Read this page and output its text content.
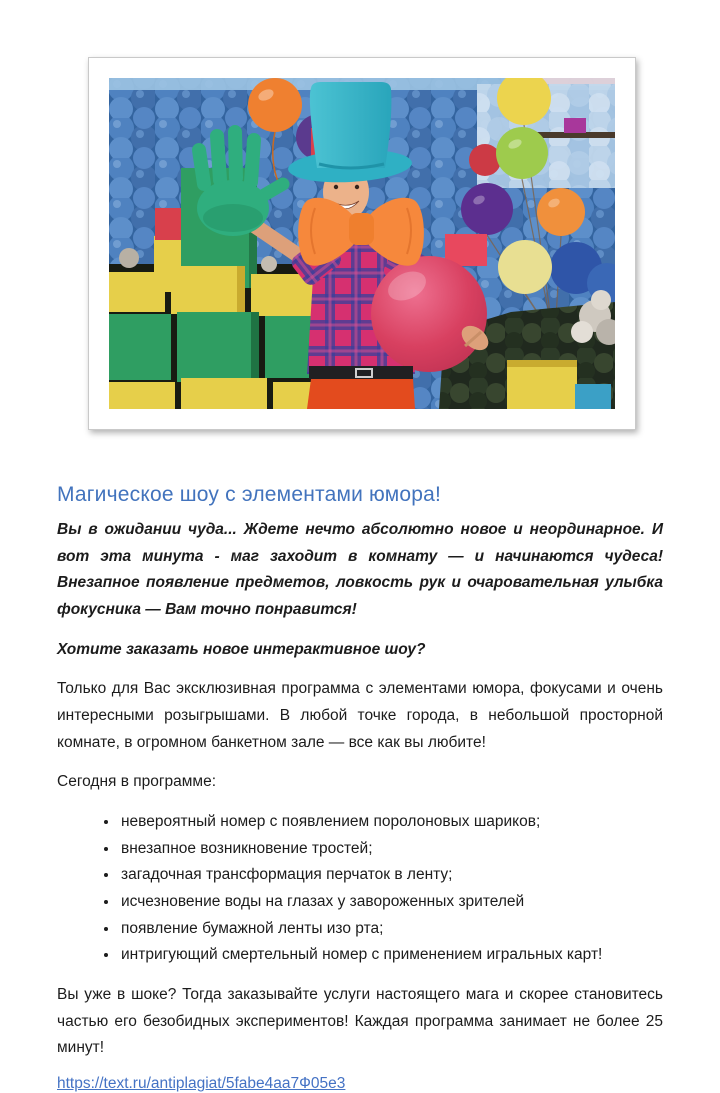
Магическое шоу с элементами юмора!

Вы в ожидании чуда... Ждете нечто абсолютно новое и неординарное. И вот эта минута - маг заходит в комнату — и начинаются чудеса! Внезапное появление предметов, ловкость рук и очаровательная улыбка фокусника — Вам точно понравится!

Хотите заказать новое интерактивное шоу?

Только для Вас эксклюзивная программа с элементами юмора, фокусами и очень интересными розыгрышами. В любой точке города, в небольшой просторной комнате, в огромном банкетном зале — все как вы любите!

Сегодня в программе:

• невероятный номер с появлением поролоновых шариков;
• внезапное возникновение тростей;
• загадочная трансформация перчаток в ленту;
• исчезновение воды на глазах у завороженных зрителей
• появление бумажной ленты изо рта;
• интригующий смертельный номер с применением игральных карт!

Вы уже в шоке? Тогда заказывайте услуги настоящего мага и скорее становитесь частью его безобидных экспериментов! Каждая программа занимает не более 25 минут!

https://text.ru/antiplagiat/5fabe4aa7Ф05e3
